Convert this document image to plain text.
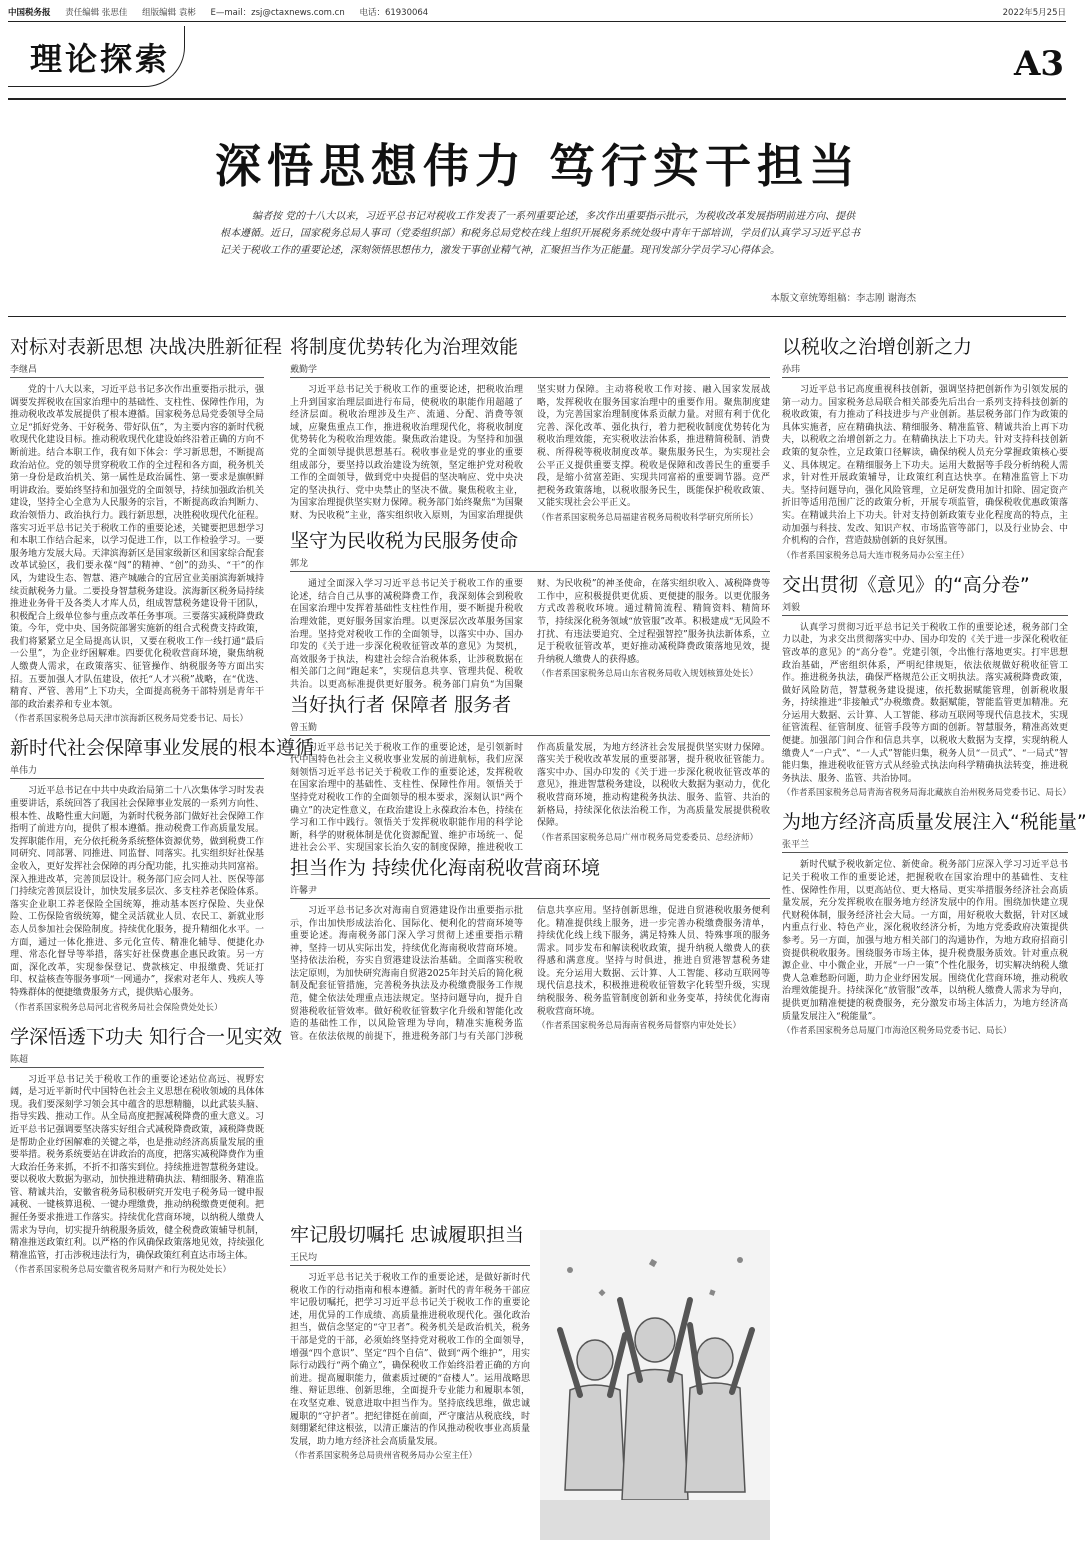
中国税务报 责任编辑 张思佳 组版编辑 袁彬 E—mail：zsj@ctaxnews.com.cn 电话：61930064	2022年5月25日
理论探索	A3
深悟思想伟力 笃行实干担当
编者按 党的十八大以来，习近平总书记对税收工作发表了一系列重要论述，多次作出重要指示批示，为税收改革发展指明前进方向、提供根本遵循。近日，国家税务总局人事司（党委组织部）和税务总局党校在线上组织开展税务系统处级中青年干部培训，学员们认真学习习近平总书记关于税收工作的重要论述，深刻领悟思想伟力，激发干事创业精气神，汇聚担当作为正能量。现刊发部分学员学习心得体会。
本版文章统筹组稿：李志刚 谢海杰
对标对表新思想 决战决胜新征程
李继昌

党的十八大以来，习近平总书记多次作出重要指示批示，强调要发挥税收在国家治理中的基础性、支柱性、保障性作用，为推动税收改革发展提供了根本遵循。国家税务总局党委领导全局立足“抓好党务、干好税务、带好队伍”，为主要内容的新时代税收现代化建设目标。推动税收现代化建设始终沿着正确的方向不断前进。结合本职工作，我有如下体会：学习新思想，不断提高政治站位。党的领导贯穿税收工作的全过程和各方面，税务机关第一身份是政治机关、第一属性是政治属性、第一要求是旗帜鲜明讲政治。要始终坚持和加强党的全面领导，持续加强政治机关建设，坚持全心全意为人民服务的宗旨，不断提高政治判断力、政治领悟力、政治执行力。践行新思想，决胜税收现代化征程。落实习近平总书记关于税收工作的重要论述，关键要把思想学习和本职工作结合起来，以学习促进工作，以工作检验学习。一要服务地方发展大局。天津滨海新区是国家级新区和国家综合配套改革试验区，我们要永葆“闯”的精神、“创”的劲头、“干”的作风，为建设生态、智慧、港产城融合的宜居宜业美丽滨海新城持续贡献税务力量。二要投身智慧税务建设。滨海新区税务局持续推进业务骨干及各类人才库人员，组成智慧税务建设骨干团队，积极配合上级单位参与重点改革任务事项。三要落实减税降费政策。今年，党中央、国务院部署实施新的组合式税费支持政策，我们将紧紧立足全局提高认识，又要在税收工作一线打通“最后一公里”，为企业纾困解难。四要优化税收营商环境，聚焦纳税人缴费人需求，在政策落实、征管操作、纳税服务等方面出实招。五要加强人才队伍建设，依托“人才兴税”战略，在“优选、精育、严管、善用”上下功夫，全面提高税务干部特别是青年干部的政治素养和专业本领。

（作者系国家税务总局天津市滨海新区税务局党委书记、局长）
新时代社会保障事业发展的根本遵循
单伟力

习近平总书记在中共中央政治局第二十八次集体学习时发表重要讲话，系统回答了我国社会保障事业发展的一系列方向性、根本性、战略性重大问题，为新时代税务部门做好社会保障工作指明了前进方向，提供了根本遵循。推动税费工作高质量发展。发挥职能作用，充分依托税务系统整体资源优势，做到税费工作同研究、同部署、同推进、同监督、同落实。扎实组织好社保基金收入，更好发挥社会保障的再分配功能，扎实推动共同富裕。深入推进改革，完善顶层设计。税务部门应会同人社、医保等部门持续完善顶层设计，加快发展多层次、多支柱养老保险体系。落实企业职工养老保险全国统筹，推动基本医疗保险、失业保险、工伤保险省级统筹，健全灵活就业人员、农民工、新就业形态人员参加社会保险制度。持续优化服务，提升精细化水平。一方面，通过一体化推进、多元化宣传、精准化辅导、便捷化办理、常态化督导等举措，落实好社保费惠企惠民政策。另一方面，深化改革，实现参保登记、费款核定、申报缴费、凭证打印、权益核查等服务事项“一网通办”，探索对老年人、残疾人等特殊群体的便捷缴费服务方式，提供贴心服务。

（作者系国家税务总局河北省税务局社会保险费处处长）
学深悟透下功夫 知行合一见实效
陈超

习近平总书记关于税收工作的重要论述站位高远、视野宏阔，是习近平新时代中国特色社会主义思想在税收领域的具体体现。我们要深刻学习领会其中蕴含的思想精髓，以此武装头脑、指导实践、推动工作。从全局高度把握减税降费的重大意义。习近平总书记强调要坚决落实好组合式减税降费政策，减税降费既是帮助企业纾困解难的关键之举，也是推动经济高质量发展的重要举措。税务系统要站在讲政治的高度，把落实减税降费作为重大政治任务来抓，不折不扣落实到位。持续推进智慧税务建设。要以税收大数据为驱动，加快推进精确执法、精细服务、精准监管、精诚共治，安徽省税务局积极研究开发电子税务局一键申报减税、一键核算退税、一键办理缴费，推动纳税缴费更便利。把握任务要求推进工作落实。持续优化营商环境，以纳税人缴费人需求为导向，切实提升纳税服务质效，健全税费政策辅导机制，精准推送政策红利。以严格的作风确保政策落地见效，持续强化精准监管，打击涉税违法行为，确保政策红利直达市场主体。

（作者系国家税务总局安徽省税务局财产和行为税处处长）
将制度优势转化为治理效能
戴勤学

习近平总书记关于税收工作的重要论述，把税收治理上升到国家治理层面进行布局，使税收的职能作用超越了经济层面。税收治理涉及生产、流通、分配、消费等领域，应聚焦重点工作，推进税收治理现代化，将税收制度优势转化为税收治理效能。聚焦政治建设。为坚持和加强党的全面领导提供思想基石。税收事业是党的事业的重要组成部分，要坚持以政治建设为统领，坚定维护党对税收工作的全面领导，做到党中央提倡的坚决响应、党中央决定的坚决执行、党中央禁止的坚决不做。聚焦税收主业，为国家治理提供坚实财力保障。税务部门始终聚焦“为国聚财、为民收税”主业，落实组织收入原则，为国家治理提供坚实财力保障。主动将税收工作对接、融入国家发展战略，发挥税收在服务国家治理中的重要作用。聚焦制度建设，为完善国家治理制度体系贡献力量。对照有利于优化完善、深化改革、强化执行，着力把税收制度优势转化为税收治理效能，充实税收法治体系，推进精简税制、消费税、所得税等税收制度改革。聚焦服务民生，为实现社会公平正义提供重要支撑。税收是保障和改善民生的重要手段，是缩小贫富差距、实现共同富裕的重要调节器。竞严把税务政策落地，以税收服务民生，既能保护税收政策、又能实现社会公平正义。

（作者系国家税务总局福建省税务局税收科学研究所所长）
坚守为民收税为民服务使命
郭龙

通过全面深入学习习近平总书记关于税收工作的重要论述，结合自己从事的减税降费工作，我深刻体会到税收在国家治理中发挥着基础性支柱性作用，要不断提升税收治理效能，更好服务国家治理。以更深层次改革服务国家治理。坚持党对税收工作的全面领导，以落实中办、国办印发的《关于进一步深化税收征管改革的意见》为契机，高效服务于执法，构建社会综合治税体系，让涉税数据在相关部门之间“跑起来”，实现信息共享、管理共促、税收共治。以更高标准提供更好服务。税务部门肩负“为国聚财、为民收税”的神圣使命，在落实组织收入、减税降费等工作中，应积极提供更优质、更便捷的服务。以更优服务方式改善税收环境。通过精简流程、精简资料、精简环节，持续深化税务领域“放管服”改革。积极建成“无风险不打扰、有违法要追究、全过程强智控”服务执法新体系，立足于税收征管改革，更好推动减税降费政策落地见效，提升纳税人缴费人的获得感。

（作者系国家税务总局山东省税务局收入规划核算处处长）
当好执行者 保障者 服务者
曾玉勤

习近平总书记关于税收工作的重要论述，是引领新时代中国特色社会主义税收事业发展的前进航标，我们应深刻领悟习近平总书记关于税收工作的重要论述，发挥税收在国家治理中的基础性、支柱性、保障性作用。领悟关于坚持党对税收工作的全面领导的根本要求，深刻认识“两个确立”的决定性意义，在政治建设上永葆政治本色，持续在学习和工作中践行。领悟关于发挥税收职能作用的科学论断，科学的财税体制是优化资源配置、维护市场统一、促进社会公平、实现国家长治久安的制度保障，推进税收工作高质量发展，为地方经济社会发展提供坚实财力保障。落实关于税收改革发展的重要部署，提升税收征管能力。落实中办、国办印发的《关于进一步深化税收征管改革的意见》，推进智慧税务建设，以税收大数据为驱动力，优化税收营商环境，推动构建税务执法、服务、监管、共治的新格局，持续深化依法治税工作，为高质量发展提供税收保障。

（作者系国家税务总局广州市税务局党委委员、总经济师）
担当作为 持续优化海南税收营商环境
许馨尹

习近平总书记多次对海南自贸港建设作出重要指示批示，作出加快形成法治化、国际化、便利化的营商环境等重要论述。海南税务部门深入学习贯彻上述重要指示精神，坚持一切从实际出发，持续优化海南税收营商环境。坚持依法治税，夯实自贸港建设法治基础。全面落实税收法定原则，为加快研究海南自贸港2025年封关后的简化税制及配套征管措施，完善税务执法及办税缴费服务工作规范，健全依法处理重点违法规定。坚持问题导向，提升自贸港税收征管效率。做好税收征管数字化升级和智能化改造的基础性工作，以风险管理为导向，精准实施税务监管。在依法依规的前提下，推进税务部门与有关部门涉税信息共享应用。坚持创新思维，促进自贸港税收服务便利化。精准提供线上服务，进一步完善办税缴费服务清单，持续优化线上线下服务，满足特殊人员、特殊事项的服务需求。同步发布和解读税收政策，提升纳税人缴费人的获得感和满意度。坚持与时俱进，推进自贸港智慧税务建设。充分运用大数据、云计算、人工智能、移动互联网等现代信息技术，积极推进税收征管数字化转型升级，实现纳税服务、税务监管制度创新和业务变革，持续优化海南税收营商环境。

（作者系国家税务总局海南省税务局督察内审处处长）
牢记殷切嘱托 忠诚履职担当
王民均

习近平总书记关于税收工作的重要论述，是做好新时代税收工作的行动指南和根本遵循。新时代的青年税务干部应牢记殷切嘱托，把学习习近平总书记关于税收工作的重要论述，用优异的工作成绩、高质量推进税收现代化。强化政治担当，做信念坚定的“守卫者”。税务机关是政治机关，税务干部是党的干部，必须始终坚持党对税收工作的全面领导，增强“四个意识”、坚定“四个自信”、做到“两个维护”，用实际行动践行“两个确立”，确保税收工作始终沿着正确的方向前进。提高履职能力，做素质过硬的“奋楼人”。运用战略思维、辩证思维、创新思维，全面提升专业能力和履职本领，在攻坚克难、锐意进取中担当作为。坚持底线思维，做忠诚履职的“守护者”。把纪律挺在前面，严守廉洁从税底线，时刻绷紧纪律这根弦，以清正廉洁的作风推动税收事业高质量发展，助力地方经济社会高质量发展。

（作者系国家税务总局贵州省税务局办公室主任）
以税收之治增创新之力
孙玮

习近平总书记高度重视科技创新，强调坚持把创新作为引领发展的第一动力。国家税务总局联合相关部委先后出台一系列支持科技创新的税收政策，有力推动了科技进步与产业创新。基层税务部门作为政策的具体实施者，应在精确执法、精细服务、精准监管、精诚共治上再下功夫，以税收之治增创新之力。在精确执法上下功夫。针对支持科技创新政策的复杂性，立足政策口径解读，确保纳税人员充分掌握政策核心要义、具体规定。在精细服务上下功夫。运用大数据等手段分析纳税人需求，针对性开展政策辅导，让政策红利直达快享。在精准监管上下功夫。坚持问题导向，强化风险管理，立足研发费用加计扣除、固定资产折旧等适用范围广泛的政策分析，开展专项监管，确保税收优惠政策落实。在精诚共治上下功夫。针对支持创新政策专业化程度高的特点，主动加强与科技、发改、知识产权、市场监管等部门，以及行业协会、中介机构的合作，营造鼓励创新的良好氛围。

（作者系国家税务总局大连市税务局办公室主任）
交出贯彻《意见》的“高分卷”
刘毅

认真学习贯彻习近平总书记关于税收工作的重要论述，税务部门全力以赴，为求交出贯彻落实中办、国办印发的《关于进一步深化税收征管改革的意见》的“高分卷”。党建引领，令出惟行落地更实。打牢思想政治基础，严密组织体系，严明纪律规矩，依法依规做好税收征管工作。推进税务执法，确保严格规范公正文明执法。落实减税降费政策，做好风险防范，智慧税务建设提速，依托数据赋能管理，创新税收服务，持续推进“非接触式”办税缴费。数据赋能，智能监管更加精准。充分运用大数据、云计算、人工智能、移动互联网等现代信息技术，实现征管流程、征管制度、征管手段等方面的创新。智慧服务，精准高效更便捷。加强部门间合作和信息共享，以税收大数据为支撑，实现纳税人缴费人“一户式”、“一人式”智能归集，税务人员“一员式”、“一局式”智能归集，推进税收征管方式从经验式执法向科学精确执法转变，推进税务执法、服务、监管、共治协同。

（作者系国家税务总局青海省税务局海北藏族自治州税务局党委书记、局长）
为地方经济高质量发展注入“税能量”
张平兰

新时代赋予税收新定位、新使命。税务部门应深入学习习近平总书记关于税收工作的重要论述，把握税收在国家治理中的基础性、支柱性、保障性作用，以更高站位、更大格局、更实举措服务经济社会高质量发展，充分发挥税收在服务地方经济发展中的作用。围绕加快建立现代财税体制，服务经济社会大局。一方面，用好税收大数据，针对区域内重点行业、特色产业，深化税收经济分析，为地方党委政府决策提供参考。另一方面，加强与地方相关部门的沟通协作，为地方政府招商引资提供税收服务。围绕服务市场主体，提升税费服务质效。针对重点税源企业、中小微企业，开展“一户一策”个性化服务，切实解决纳税人缴费人急难愁盼问题，助力企业纾困发展。围绕优化营商环境，推动税收治理效能提升。持续深化“放管服”改革，以纳税人缴费人需求为导向，提供更加精准便捷的税费服务，充分激发市场主体活力，为地方经济高质量发展注入“税能量”。

（作者系国家税务总局厦门市海沧区税务局党委书记、局长）
